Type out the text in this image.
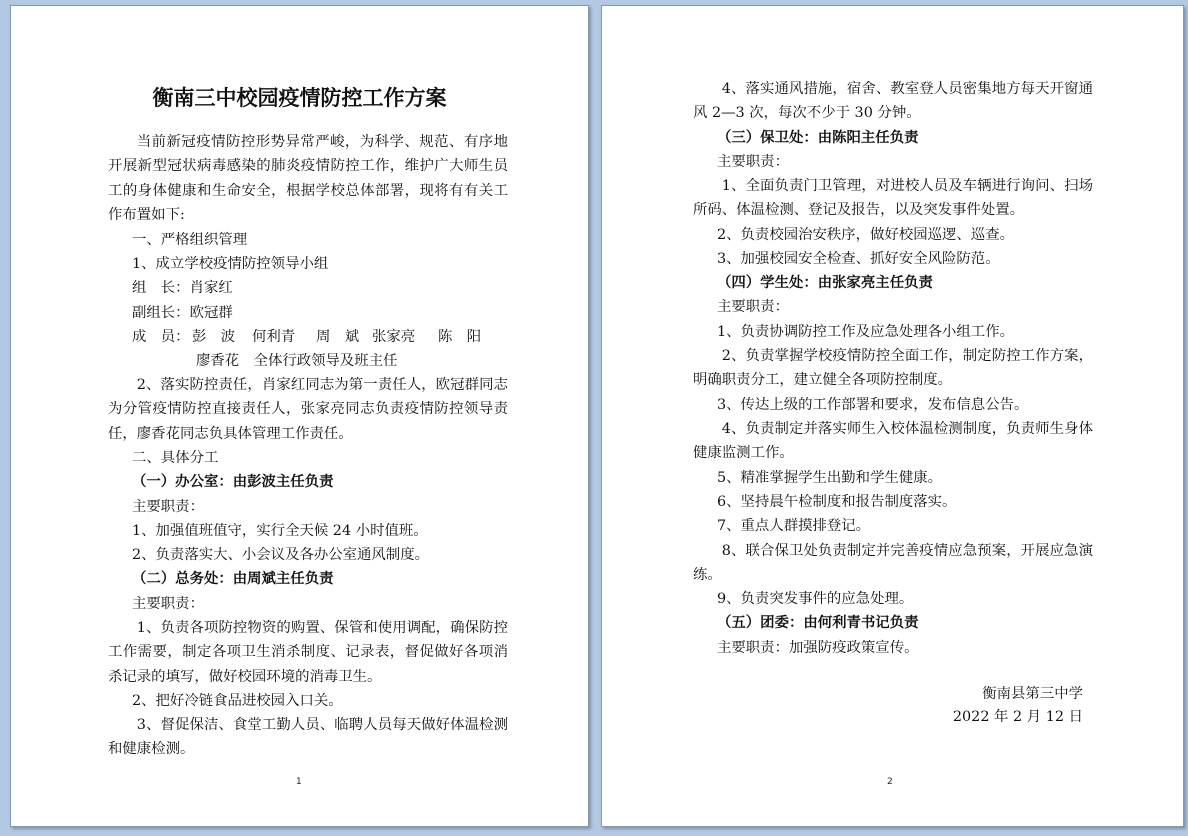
衡南三中校园疫情防控工作方案

当前新冠疫情防控形势异常严峻，为科学、规范、有序地开展新型冠状病毒感染的肺炎疫情防控工作，维护广大师生员工的身体健康和生命安全，根据学校总体部署，现将有有关工作布置如下:

一、严格组织管理

1、成立学校疫情防控领导小组

组　长：肖家红

副组长：欧冠群

成　员： 彭　波 何利青 周　斌 张家亮 陈　阳

廖香花　全体行政领导及班主任

2、落实防控责任，肖家红同志为第一责任人，欧冠群同志为分管疫情防控直接责任人，张家亮同志负责疫情防控领导责任，廖香花同志负具体管理工作责任。

二、具体分工

（一）办公室：由彭波主任负责

主要职责：

1、加强值班值守，实行全天候 24 小时值班。

2、负责落实大、小会议及各办公室通风制度。

（二）总务处：由周斌主任负责

主要职责：

1、负责各项防控物资的购置、保管和使用调配，确保防控工作需要，制定各项卫生消杀制度、记录表，督促做好各项消杀记录的填写，做好校园环境的消毒卫生。

2、把好冷链食品进校园入口关。

3、督促保洁、食堂工勤人员、临聘人员每天做好体温检测和健康检测。

1

4、落实通风措施，宿舍、教室登人员密集地方每天开窗通风 2—3 次，每次不少于 30 分钟。

（三）保卫处：由陈阳主任负责

主要职责：

1、全面负责门卫管理，对进校人员及车辆进行询问、扫场所码、体温检测、登记及报告，以及突发事件处置。

2、负责校园治安秩序，做好校园巡逻、巡查。

3、加强校园安全检查、抓好安全风险防范。

（四）学生处：由张家亮主任负责

主要职责：

1、负责协调防控工作及应急处理各小组工作。

2、负责掌握学校疫情防控全面工作，制定防控工作方案，明确职责分工，建立健全各项防控制度。

3、传达上级的工作部署和要求，发布信息公告。

4、负责制定并落实师生入校体温检测制度，负责师生身体健康监测工作。

5、精准掌握学生出勤和学生健康。

6、坚持晨午检制度和报告制度落实。

7、重点人群摸排登记。

8、联合保卫处负责制定并完善疫情应急预案，开展应急演练。

9、负责突发事件的应急处理。

（五）团委：由何利青书记负责

主要职责：加强防疫政策宣传。

衡南县第三中学
2022 年 2 月 12 日
2
